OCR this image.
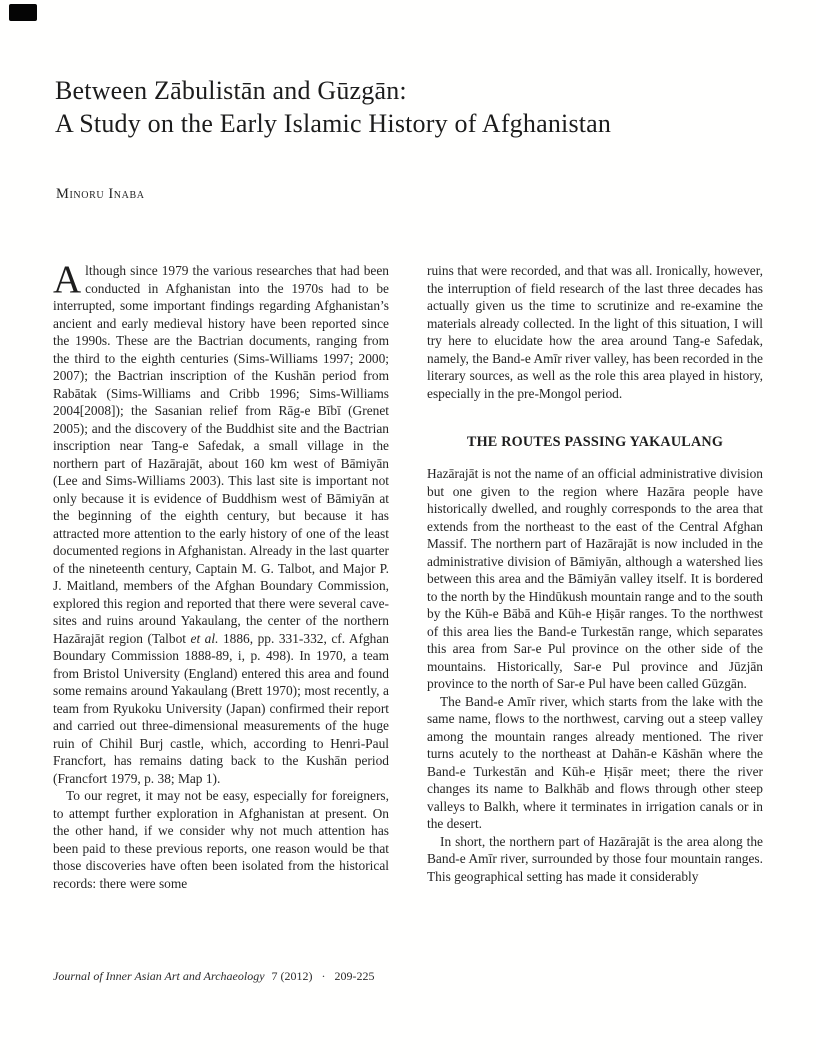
Between Zābulistān and Gūzgān:
A Study on the Early Islamic History of Afghanistan
Minoru Inaba

A lthough since 1979 the various researches that had been conducted in Afghanistan into the 1970s had to be interrupted, some important findings regarding Afghanistan’s ancient and early medieval history have been reported since the 1990s. These are the Bactrian documents, ranging from the third to the eighth centuries (Sims-Williams 1997; 2000; 2007); the Bactrian inscription of the Kushān period from Rabātak (Sims-Williams and Cribb 1996; Sims-Williams 2004[2008]); the Sasanian relief from Rāg-e Bībī (Grenet 2005); and the discovery of the Buddhist site and the Bactrian inscription near Tang-e Safedak, a small village in the northern part of Hazārajāt, about 160 km west of Bāmiyān (Lee and Sims-Williams 2003). This last site is important not only because it is evidence of Buddhism west of Bāmiyān at the beginning of the eighth century, but because it has attracted more attention to the early history of one of the least documented regions in Afghanistan. Already in the last quarter of the nineteenth century, Captain M. G. Talbot, and Major P. J. Maitland, members of the Afghan Boundary Commission, explored this region and reported that there were several cave-sites and ruins around Yakaulang, the center of the northern Hazārajāt region (Talbot et al. 1886, pp. 331-332, cf. Afghan Boundary Commission 1888-89, i, p. 498). In 1970, a team from Bristol University (England) entered this area and found some remains around Yakaulang (Brett 1970); most recently, a team from Ryukoku University (Japan) confirmed their report and carried out three-dimensional measurements of the huge ruin of Chihil Burj castle, which, according to Henri-Paul Francfort, has remains dating back to the Kushān period (Francfort 1979, p. 38; Map 1).

To our regret, it may not be easy, especially for foreigners, to attempt further exploration in Afghanistan at present. On the other hand, if we consider why not much attention has been paid to these previous reports, one reason would be that those discoveries have often been isolated from the historical records: there were some

ruins that were recorded, and that was all. Ironically, however, the interruption of field research of the last three decades has actually given us the time to scrutinize and re-examine the materials already collected. In the light of this situation, I will try here to elucidate how the area around Tang-e Safedak, namely, the Band-e Amīr river valley, has been recorded in the literary sources, as well as the role this area played in history, especially in the pre-Mongol period.

THE ROUTES PASSING YAKAULANG

Hazārajāt is not the name of an official administrative division but one given to the region where Hazāra people have historically dwelled, and roughly corresponds to the area that extends from the northeast to the east of the Central Afghan Massif. The northern part of Hazārajāt is now included in the administrative division of Bāmiyān, although a watershed lies between this area and the Bāmiyān valley itself. It is bordered to the north by the Hindūkush mountain range and to the south by the Kūh-e Bābā and Kūh-e Ḥiṣār ranges. To the northwest of this area lies the Band-e Turkestān range, which separates this area from Sar-e Pul province on the other side of the mountains. Historically, Sar-e Pul province and Jūzjān province to the north of Sar-e Pul have been called Gūzgān.

The Band-e Amīr river, which starts from the lake with the same name, flows to the northwest, carving out a steep valley among the mountain ranges already mentioned. The river turns acutely to the northeast at Dahān-e Kāshān where the Band-e Turkestān and Kūh-e Ḥiṣār meet; there the river changes its name to Balkhāb and flows through other steep valleys to Balkh, where it terminates in irrigation canals or in the desert.

In short, the northern part of Hazārajāt is the area along the Band-e Amīr river, surrounded by those four mountain ranges. This geographical setting has made it considerably

Journal of Inner Asian Art and Archaeology 7 (2012) · 209-225
